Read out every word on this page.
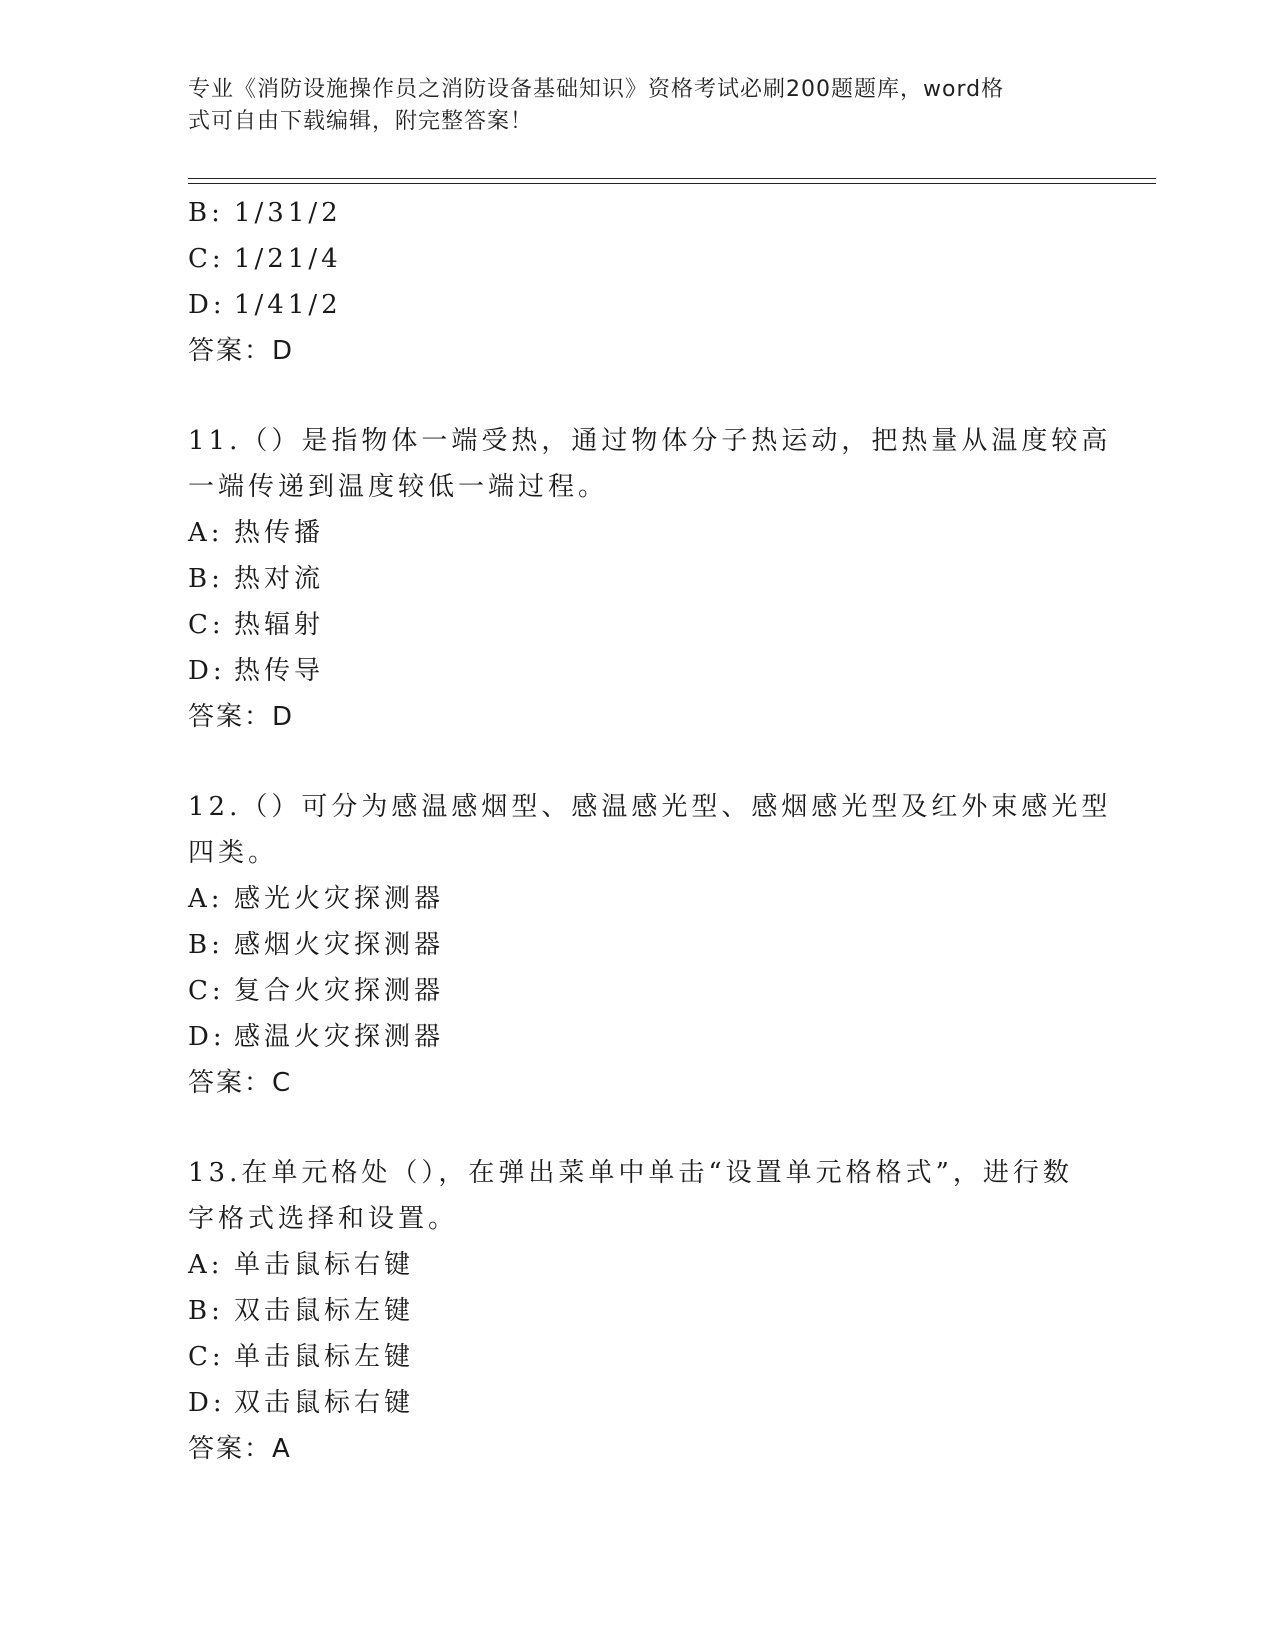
专业《消防设施操作员之消防设备基础知识》资格考试必刷200题题库，word格
式可自由下载编辑，附完整答案！
B: 1/31/2
C: 1/21/4
D: 1/41/2
答案：D
11.（）是指物体一端受热，通过物体分子热运动，把热量从温度较高
一端传递到温度较低一端过程。
A: 热传播
B: 热对流
C: 热辐射
D: 热传导
答案：D
12.（）可分为感温感烟型、感温感光型、感烟感光型及红外束感光型
四类。
A: 感光火灾探测器
B: 感烟火灾探测器
C: 复合火灾探测器
D: 感温火灾探测器
答案：C
13.在单元格处（），在弹出菜单中单击“设置单元格格式”，进行数
字格式选择和设置。
A: 单击鼠标右键
B: 双击鼠标左键
C: 单击鼠标左键
D: 双击鼠标右键
答案：A
